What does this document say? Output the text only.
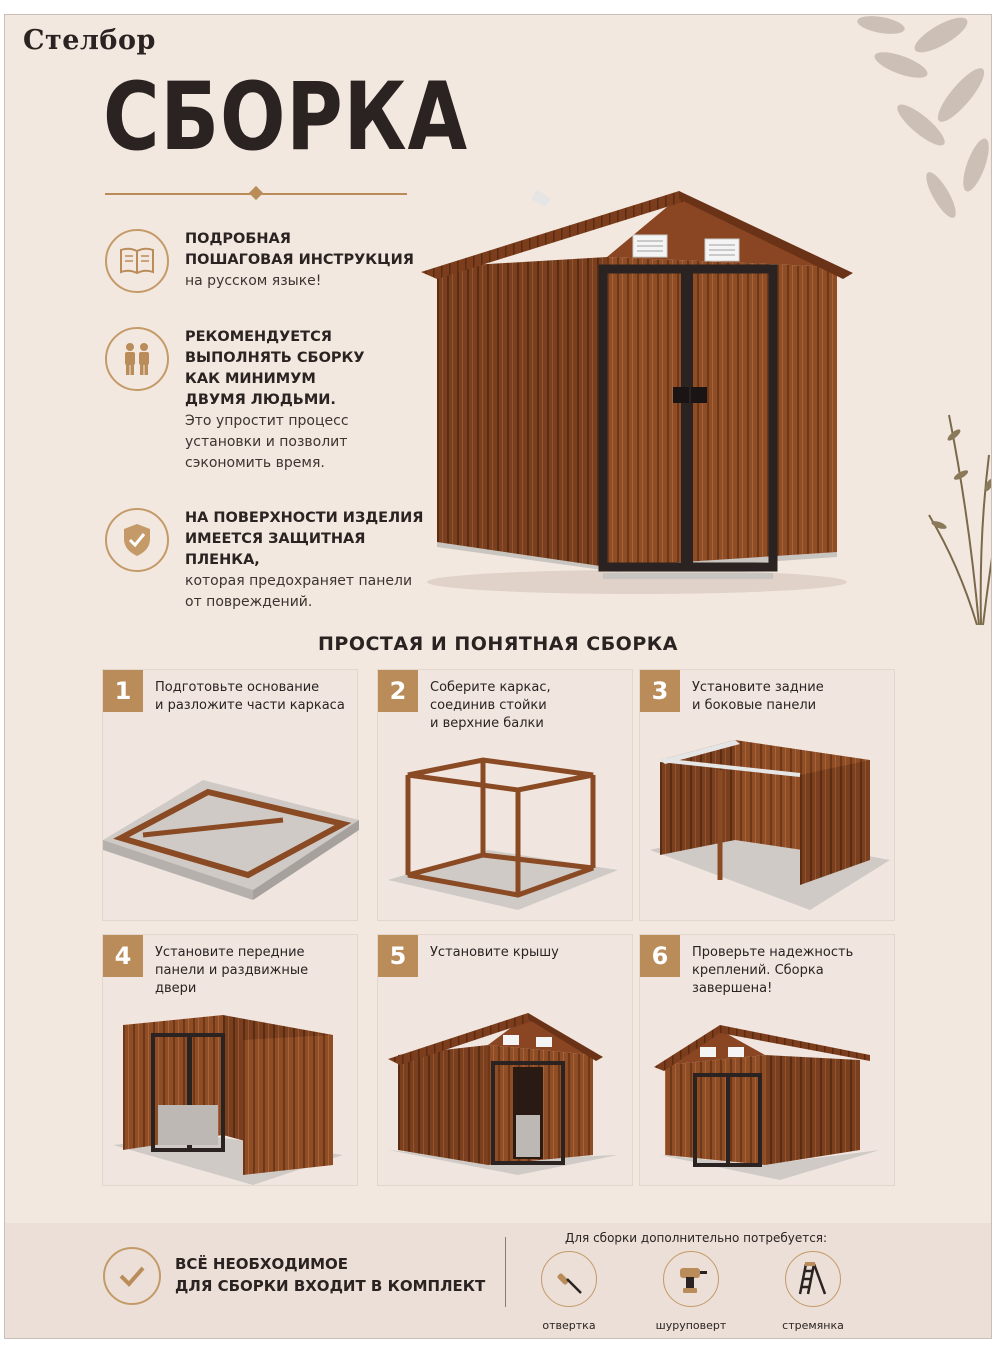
Стелбор
СБОРКА
ПОДРОБНАЯ
ПОШАГОВАЯ ИНСТРУКЦИЯ
на русском языке!
РЕКОМЕНДУЕТСЯ
ВЫПОЛНЯТЬ СБОРКУ
КАК МИНИМУМ
ДВУМЯ ЛЮДЬМИ.
Это упростит процесс
установки и позволит
сэкономить время.
НА ПОВЕРХНОСТИ ИЗДЕЛИЯ
ИМЕЕТСЯ ЗАЩИТНАЯ ПЛЕНКА,
которая предохраняет панели
от повреждений.
ПРОСТАЯ И ПОНЯТНАЯ СБОРКА
1	Подготовьте основание
и разложите части каркаса
2	Соберите каркас,
соединив стойки
и верхние балки
3	Установите задние
и боковые панели
4	Установите передние
панели и раздвижные
двери
5	Установите крышу	6	Проверьте надежность
креплений. Сборка
завершена!
ВСЁ НЕОБХОДИМОЕ
ДЛЯ СБОРКИ ВХОДИТ В КОМПЛЕКТ
Для сборки дополнительно потребуется:
отвертка	шуруповерт	стремянка
